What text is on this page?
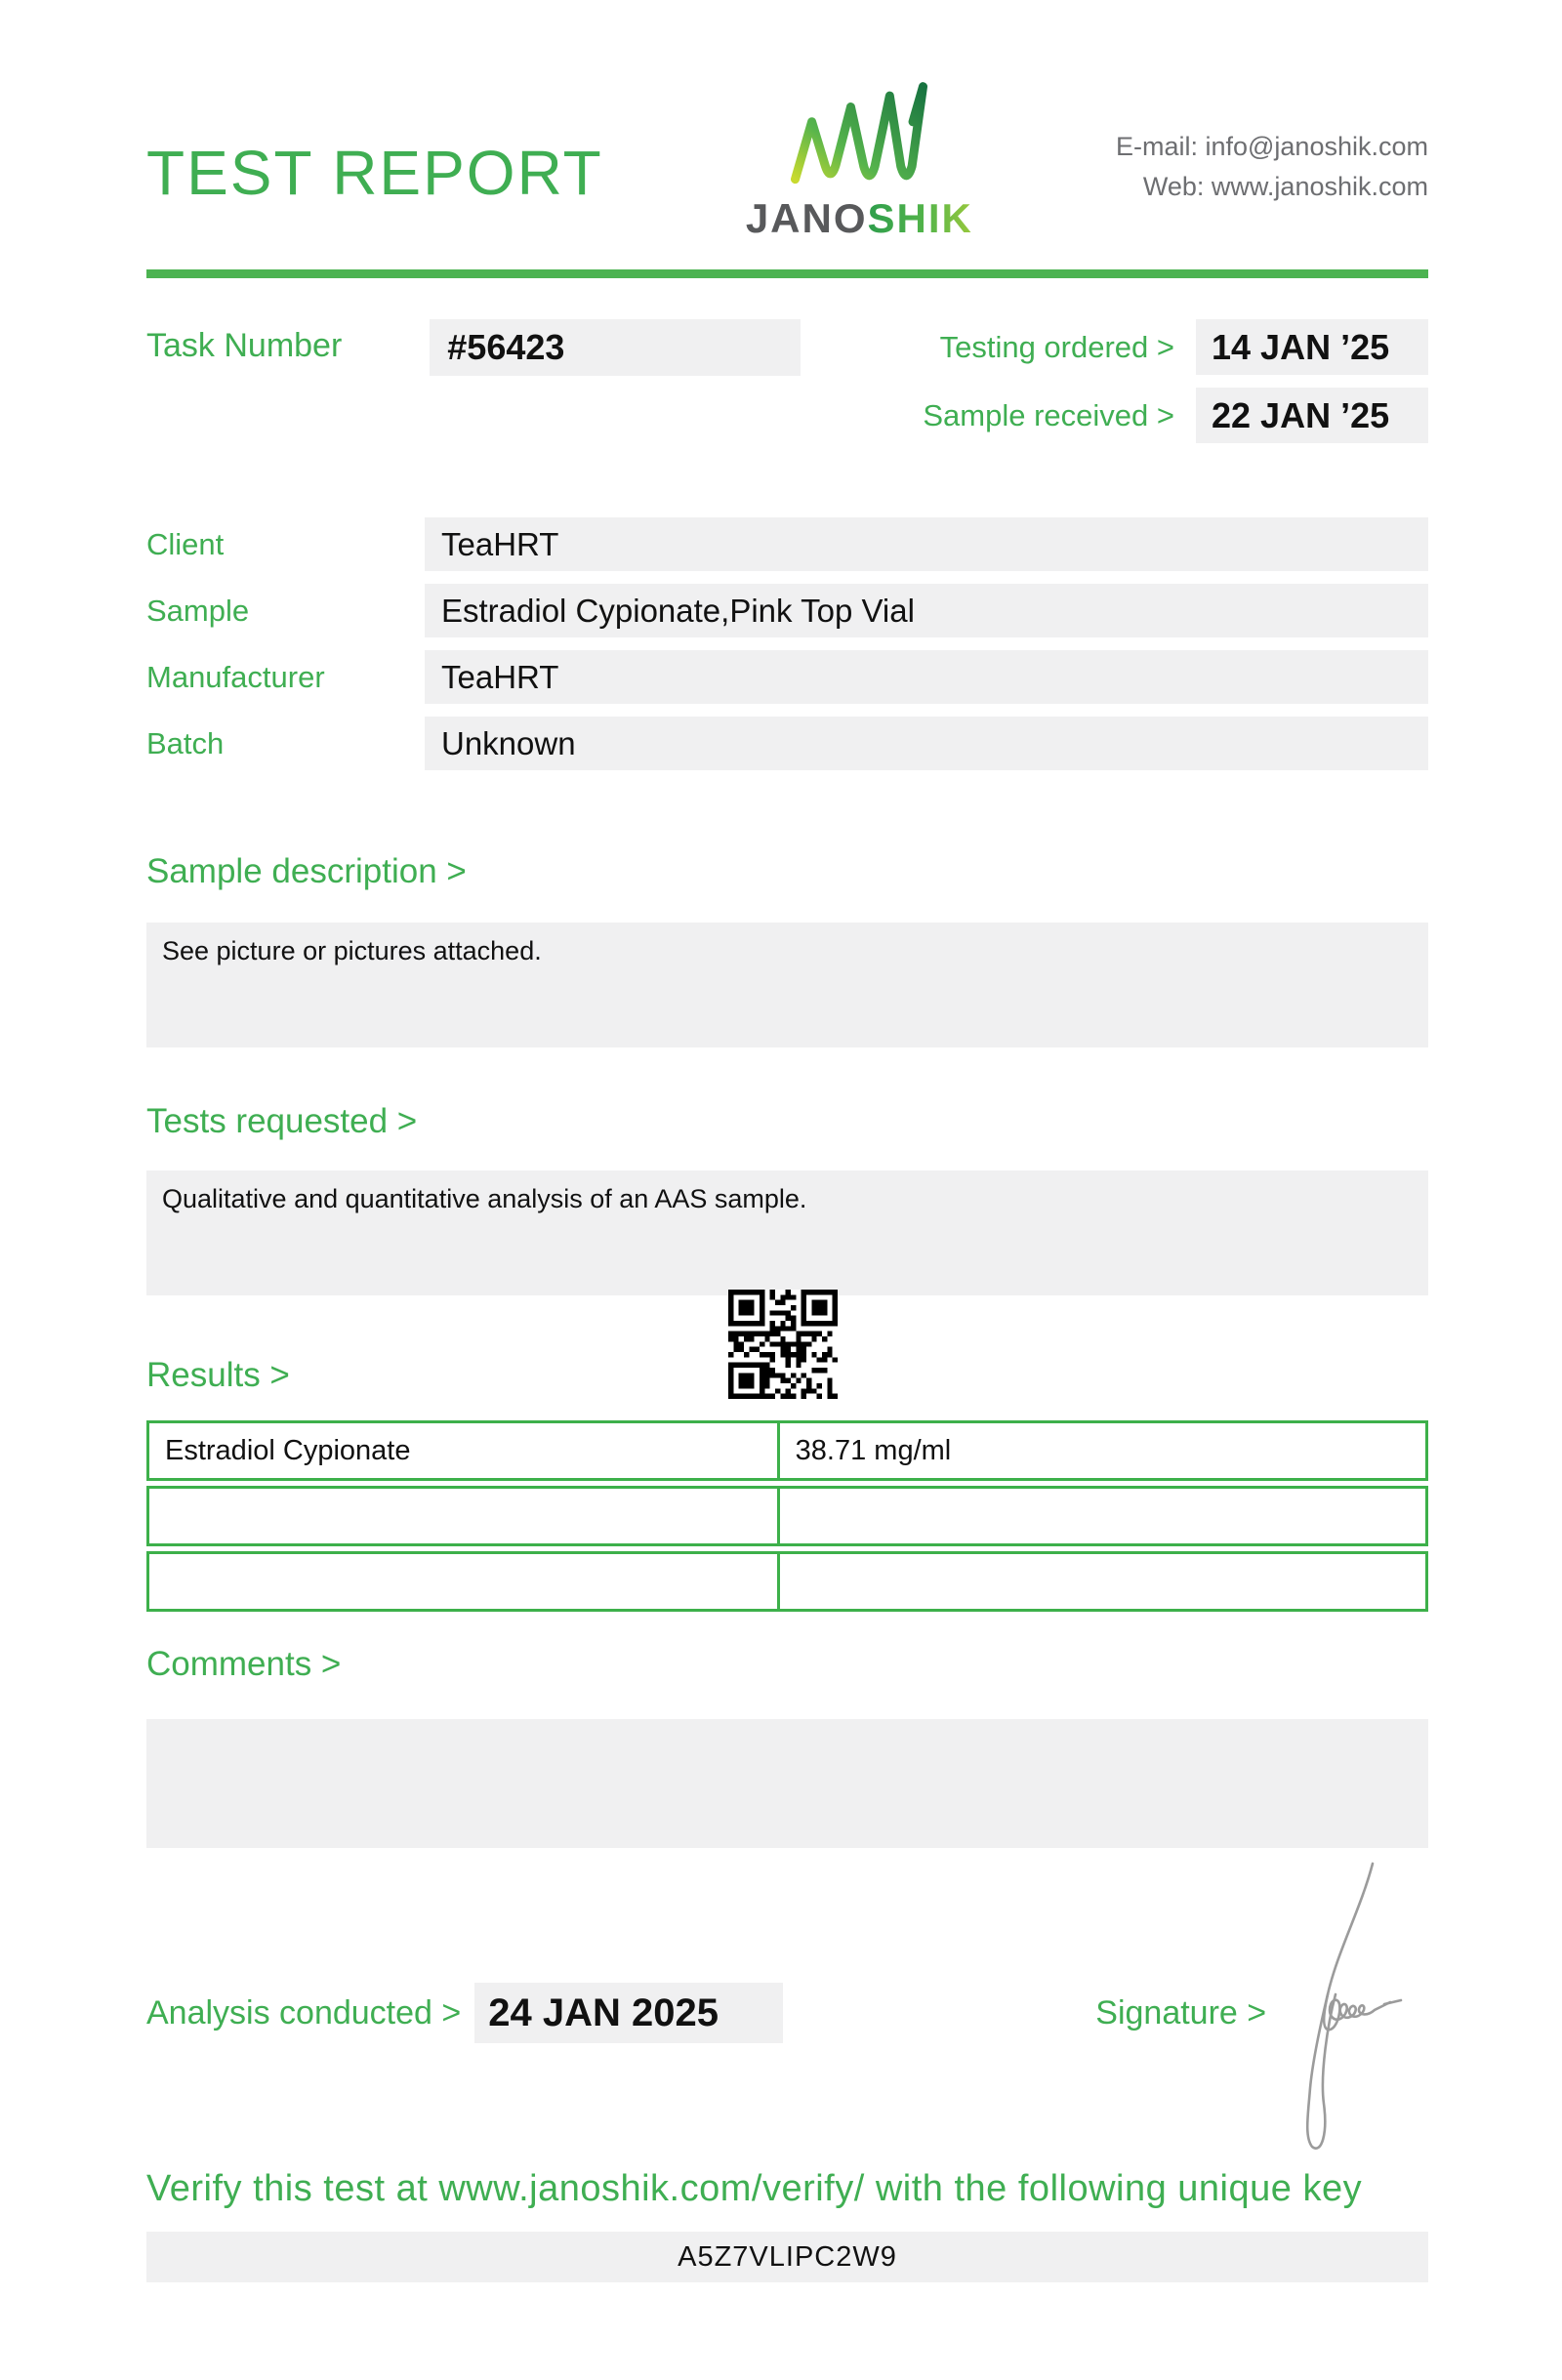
TEST REPORT
JANOSHIK
E-mail: info@janoshik.com
Web: www.janoshik.com
Task Number	#56423	Testing ordered >	14 JAN ’25
Sample received >	22 JAN ’25
Client	TeaHRT
Sample	Estradiol Cypionate,Pink Top Vial
Manufacturer	TeaHRT
Batch	Unknown
Sample description >
See picture or pictures attached.
Tests requested >
Qualitative and quantitative analysis of an AAS sample.
Results >
Estradiol Cypionate	38.71 mg/ml
Comments >
Analysis conducted > 24 JAN 2025	Signature >
Verify this test at www.janoshik.com/verify/ with the following unique key
A5Z7VLIPC2W9
